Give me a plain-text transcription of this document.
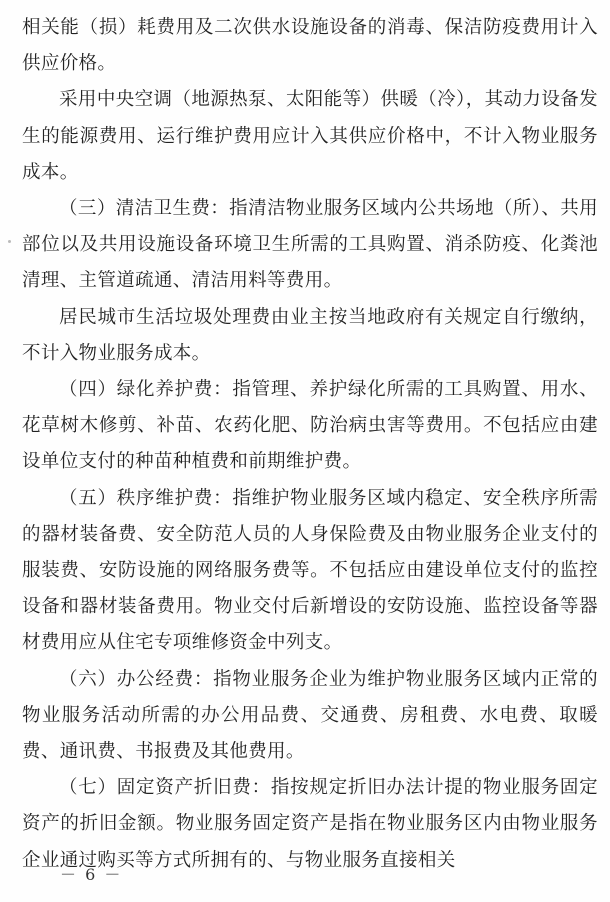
相关能（损）耗费用及二次供水设施设备的消毒、保洁防疫费用计入供应价格。

采用中央空调（地源热泵、太阳能等）供暖（冷），其动力设备发生的能源费用、运行维护费用应计入其供应价格中，不计入物业服务成本。

（三）清洁卫生费：指清洁物业服务区域内公共场地（所）、共用部位以及共用设施设备环境卫生所需的工具购置、消杀防疫、化粪池清理、主管道疏通、清洁用料等费用。

居民城市生活垃圾处理费由业主按当地政府有关规定自行缴纳，不计入物业服务成本。

（四）绿化养护费：指管理、养护绿化所需的工具购置、用水、花草树木修剪、补苗、农药化肥、防治病虫害等费用。不包括应由建设单位支付的种苗种植费和前期维护费。

（五）秩序维护费：指维护物业服务区域内稳定、安全秩序所需的器材装备费、安全防范人员的人身保险费及由物业服务企业支付的服装费、安防设施的网络服务费等。不包括应由建设单位支付的监控设备和器材装备费用。物业交付后新增设的安防设施、监控设备等器材费用应从住宅专项维修资金中列支。

（六）办公经费：指物业服务企业为维护物业服务区域内正常的物业服务活动所需的办公用品费、交通费、房租费、水电费、取暖费、通讯费、书报费及其他费用。

（七）固定资产折旧费：指按规定折旧办法计提的物业服务固定资产的折旧金额。物业服务固定资产是指在物业服务区内由物业服务企业通过购买等方式所拥有的、与物业服务直接相关

－ 6 －
